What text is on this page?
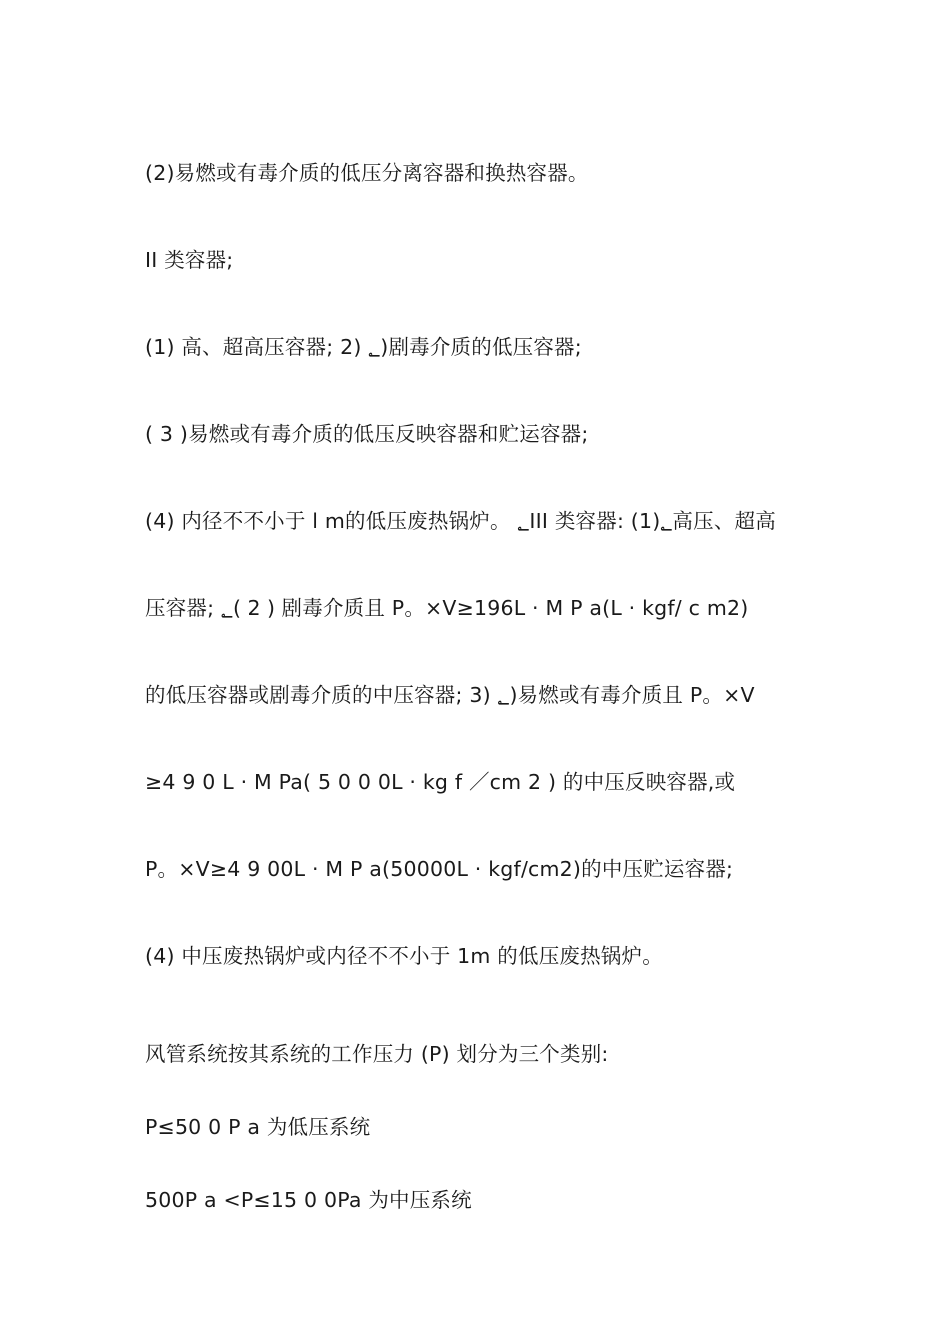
(2)易燃或有毒介质的低压分离容器和换热容器。

II 类容器;

(1) 高、超高压容器; 2) ؂)剧毒介质的低压容器;

( 3 )易燃或有毒介质的低压反映容器和贮运容器;

(4) 内径不不小于 l m的低压废热锅炉。 ؂III 类容器: (1)؂高压、超高

压容器; ؂( 2 ) 剧毒介质且 P。×V≥196L · M P a(L · kgf/ c m2)

的低压容器或剧毒介质的中压容器; 3) ؂)易燃或有毒介质且 P。×V

≥4 9 0 L · M Pa( 5 0 0 0L · kg f ／cm 2 ) 的中压反映容器,或

P。×V≥4 9 00L · M P a(50000L · kgf/cm2)的中压贮运容器;

(4) 中压废热锅炉或内径不不小于 1m 的低压废热锅炉。

风管系统按其系统的工作压力 (P) 划分为三个类别:

P≤50 0 P a 为低压系统

500P a <P≤15 0 0Pa 为中压系统
